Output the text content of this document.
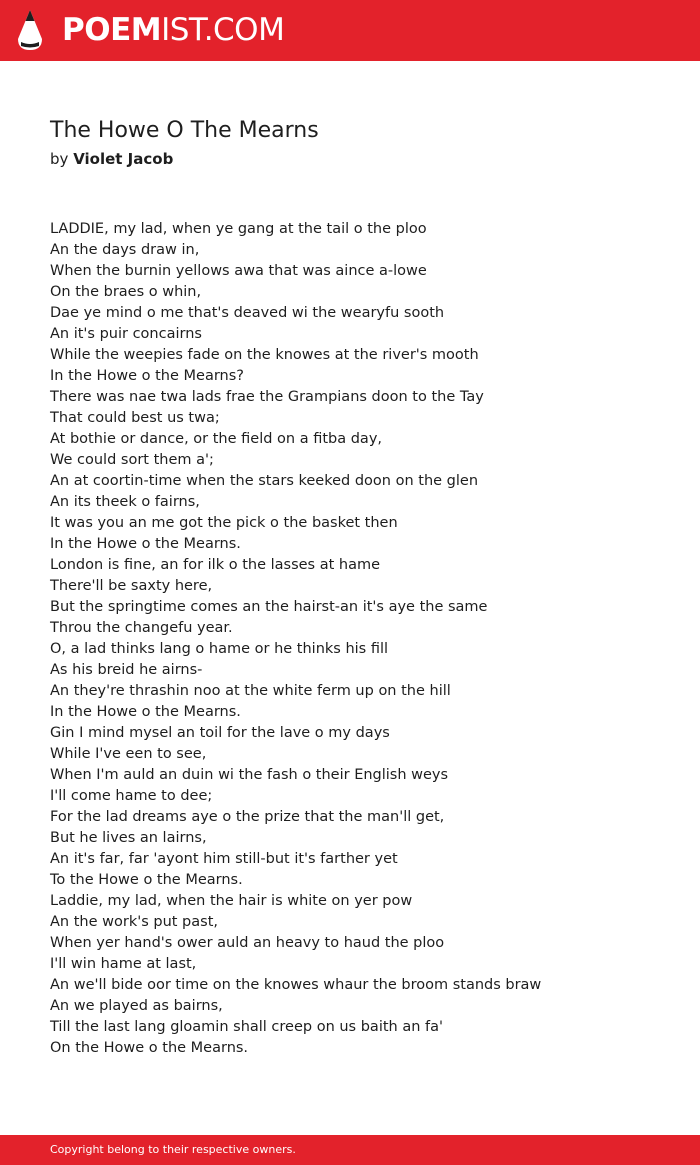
POEMIST.COM
The Howe O The Mearns
by Violet Jacob
LADDIE, my lad, when ye gang at the tail o the ploo
An the days draw in,
When the burnin yellows awa that was aince a-lowe
On the braes o whin,
Dae ye mind o me that's deaved wi the wearyfu sooth
An it's puir concairns
While the weepies fade on the knowes at the river's mooth
In the Howe o the Mearns?
There was nae twa lads frae the Grampians doon to the Tay
That could best us twa;
At bothie or dance, or the field on a fitba day,
We could sort them a';
An at coortin-time when the stars keeked doon on the glen
An its theek o fairns,
It was you an me got the pick o the basket then
In the Howe o the Mearns.
London is fine, an for ilk o the lasses at hame
There'll be saxty here,
But the springtime comes an the hairst-an it's aye the same
Throu the changefu year.
O, a lad thinks lang o hame or he thinks his fill
As his breid he airns-
An they're thrashin noo at the white ferm up on the hill
In the Howe o the Mearns.
Gin I mind mysel an toil for the lave o my days
While I've een to see,
When I'm auld an duin wi the fash o their English weys
I'll come hame to dee;
For the lad dreams aye o the prize that the man'll get,
But he lives an lairns,
An it's far, far 'ayont him still-but it's farther yet
To the Howe o the Mearns.
Laddie, my lad, when the hair is white on yer pow
An the work's put past,
When yer hand's ower auld an heavy to haud the ploo
I'll win hame at last,
An we'll bide oor time on the knowes whaur the broom stands braw
An we played as bairns,
Till the last lang gloamin shall creep on us baith an fa'
On the Howe o the Mearns.
Copyright belong to their respective owners.
